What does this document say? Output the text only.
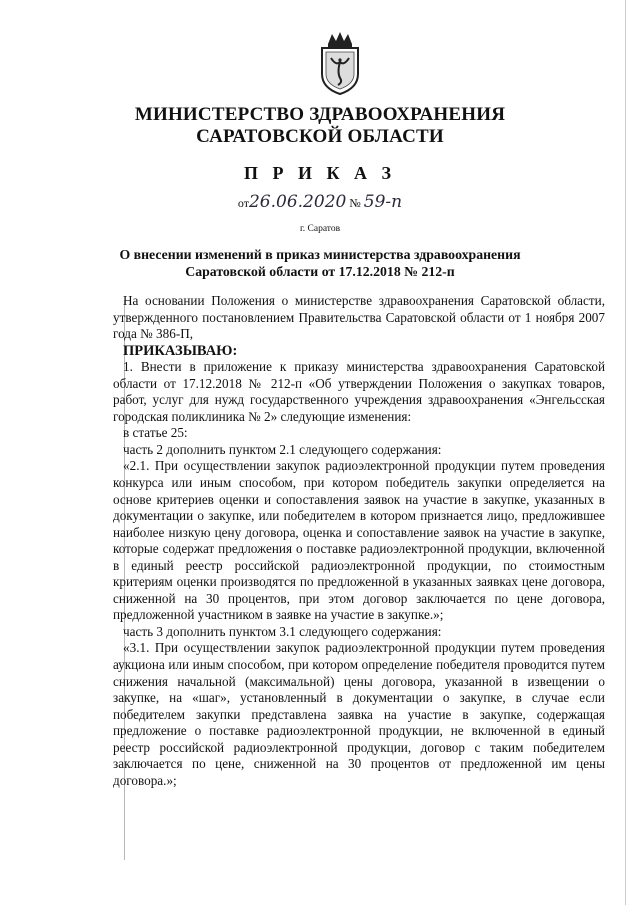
МИНИСТЕРСТВО ЗДРАВООХРАНЕНИЯ
САРАТОВСКОЙ ОБЛАСТИ
П Р И К А З
от26.06.2020 № 59-п
г. Саратов
О внесении изменений в приказ министерства здравоохранения Саратовской области от 17.12.2018 № 212-п

На основании Положения о министерстве здравоохранения Саратовской области, утвержденного постановлением Правительства Саратовской области от 1 ноября 2007 года № 386-П,

ПРИКАЗЫВАЮ:

1. Внести в приложение к приказу министерства здравоохранения Саратовской области от 17.12.2018 № 212-п «Об утверждении Положения о закупках товаров, работ, услуг для нужд государственного учреждения здравоохранения «Энгельсская городская поликлиника № 2» следующие изменения:

в статье 25:

часть 2 дополнить пунктом 2.1 следующего содержания:

«2.1. При осуществлении закупок радиоэлектронной продукции путем проведения конкурса или иным способом, при котором победитель закупки определяется на основе критериев оценки и сопоставления заявок на участие в закупке, указанных в документации о закупке, или победителем в котором признается лицо, предложившее наиболее низкую цену договора, оценка и сопоставление заявок на участие в закупке, которые содержат предложения о поставке радиоэлектронной продукции, включенной в единый реестр российской радиоэлектронной продукции, по стоимостным критериям оценки производятся по предложенной в указанных заявках цене договора, сниженной на 30 процентов, при этом договор заключается по цене договора, предложенной участником в заявке на участие в закупке.»;

часть 3 дополнить пунктом 3.1 следующего содержания:

«3.1. При осуществлении закупок радиоэлектронной продукции путем проведения аукциона или иным способом, при котором определение победителя проводится путем снижения начальной (максимальной) цены договора, указанной в извещении о закупке, на «шаг», установленный в документации о закупке, в случае если победителем закупки представлена заявка на участие в закупке, содержащая предложение о поставке радиоэлектронной продукции, не включенной в единый реестр российской радиоэлектронной продукции, договор с таким победителем заключается по цене, сниженной на 30 процентов от предложенной им цены договора.»;
